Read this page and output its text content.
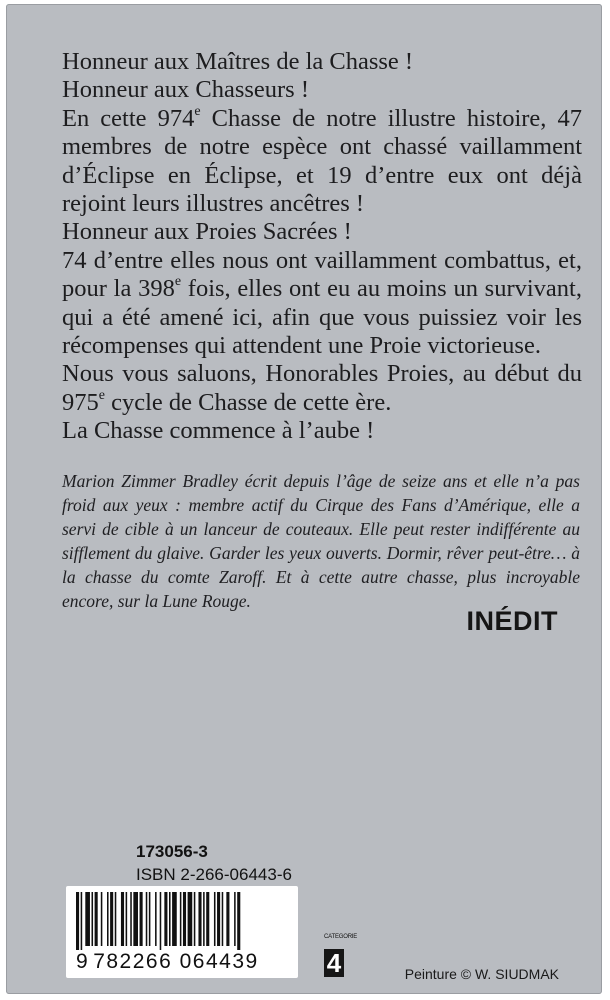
Honneur aux Maîtres de la Chasse !

Honneur aux Chasseurs !

En cette 974e Chasse de notre illustre histoire, 47 membres de notre espèce ont chassé vaillamment d’Éclipse en Éclipse, et 19 d’entre eux ont déjà rejoint leurs illustres ancêtres !

Honneur aux Proies Sacrées !

74 d’entre elles nous ont vaillamment combattus, et, pour la 398e fois, elles ont eu au moins un survivant, qui a été amené ici, afin que vous puissiez voir les récompenses qui attendent une Proie victorieuse.

Nous vous saluons, Honorables Proies, au début du 975e cycle de Chasse de cette ère.

La Chasse commence à l’aube !

Marion Zimmer Bradley écrit depuis l’âge de seize ans et elle n’a pas froid aux yeux : membre actif du Cirque des Fans d’Amérique, elle a servi de cible à un lanceur de couteaux. Elle peut rester indifférente au sifflement du glaive. Garder les yeux ouverts. Dormir, rêver peut-être… à la chasse du comte Zaroff. Et à cette autre chasse, plus incroyable encore, sur la Lune Rouge.
INÉDIT
173056-3
ISBN 2-266-06443-6
9 782266 064439
CATEGORIE
4	Peinture © W. SIUDMAK
